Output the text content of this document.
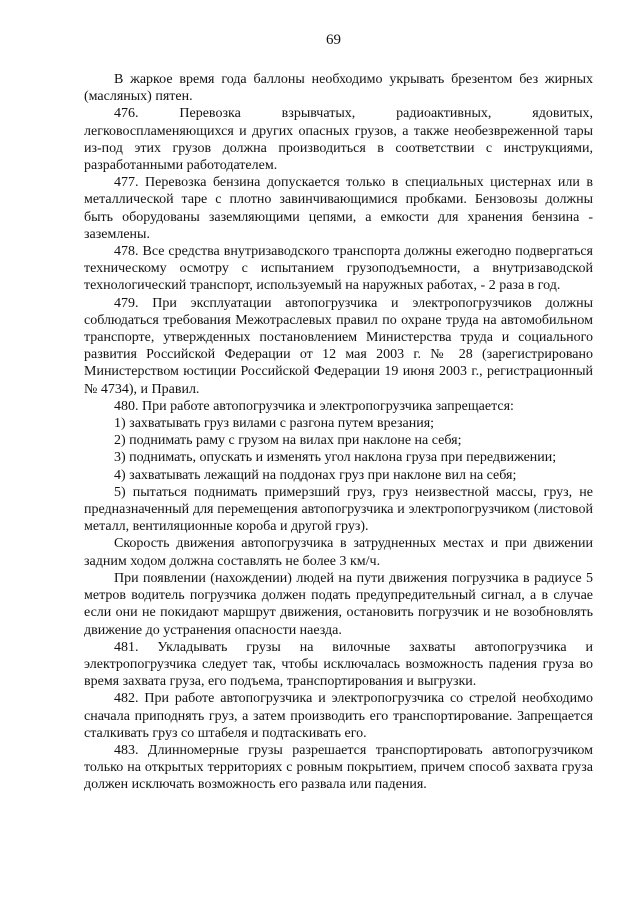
69

В жаркое время года баллоны необходимо укрывать брезентом без жирных (масляных) пятен.

476. Перевозка взрывчатых, радиоактивных, ядовитых, легковоспламеняющихся и других опасных грузов, а также необезвреженной тары из-под этих грузов должна производиться в соответствии с инструкциями, разработанными работодателем.

477. Перевозка бензина допускается только в специальных цистернах или в металлической таре с плотно завинчивающимися пробками. Бензовозы должны быть оборудованы заземляющими цепями, а емкости для хранения бензина - заземлены.

478. Все средства внутризаводского транспорта должны ежегодно подвергаться техническому осмотру с испытанием грузоподъемности, а внутризаводской технологический транспорт, используемый на наружных работах, - 2 раза в год.

479. При эксплуатации автопогрузчика и электропогрузчиков должны соблюдаться требования Межотраслевых правил по охране труда на автомобильном транспорте, утвержденных постановлением Министерства труда и социального развития Российской Федерации от 12 мая 2003 г. № 28 (зарегистрировано Министерством юстиции Российской Федерации 19 июня 2003 г., регистрационный № 4734), и Правил.

480. При работе автопогрузчика и электропогрузчика запрещается:

1) захватывать груз вилами с разгона путем врезания;

2) поднимать раму с грузом на вилах при наклоне на себя;

3) поднимать, опускать и изменять угол наклона груза при передвижении;

4) захватывать лежащий на поддонах груз при наклоне вил на себя;

5) пытаться поднимать примерзший груз, груз неизвестной массы, груз, не предназначенный для перемещения автопогрузчика и электропогрузчиком (листовой металл, вентиляционные короба и другой груз).

Скорость движения автопогрузчика в затрудненных местах и при движении задним ходом должна составлять не более 3 км/ч.

При появлении (нахождении) людей на пути движения погрузчика в радиусе 5 метров водитель погрузчика должен подать предупредительный сигнал, а в случае если они не покидают маршрут движения, остановить погрузчик и не возобновлять движение до устранения опасности наезда.

481. Укладывать грузы на вилочные захваты автопогрузчика и электропогрузчика следует так, чтобы исключалась возможность падения груза во время захвата груза, его подъема, транспортирования и выгрузки.

482. При работе автопогрузчика и электропогрузчика со стрелой необходимо сначала приподнять груз, а затем производить его транспортирование. Запрещается сталкивать груз со штабеля и подтаскивать его.

483. Длинномерные грузы разрешается транспортировать автопогрузчиком только на открытых территориях с ровным покрытием, причем способ захвата груза должен исключать возможность его развала или падения.
